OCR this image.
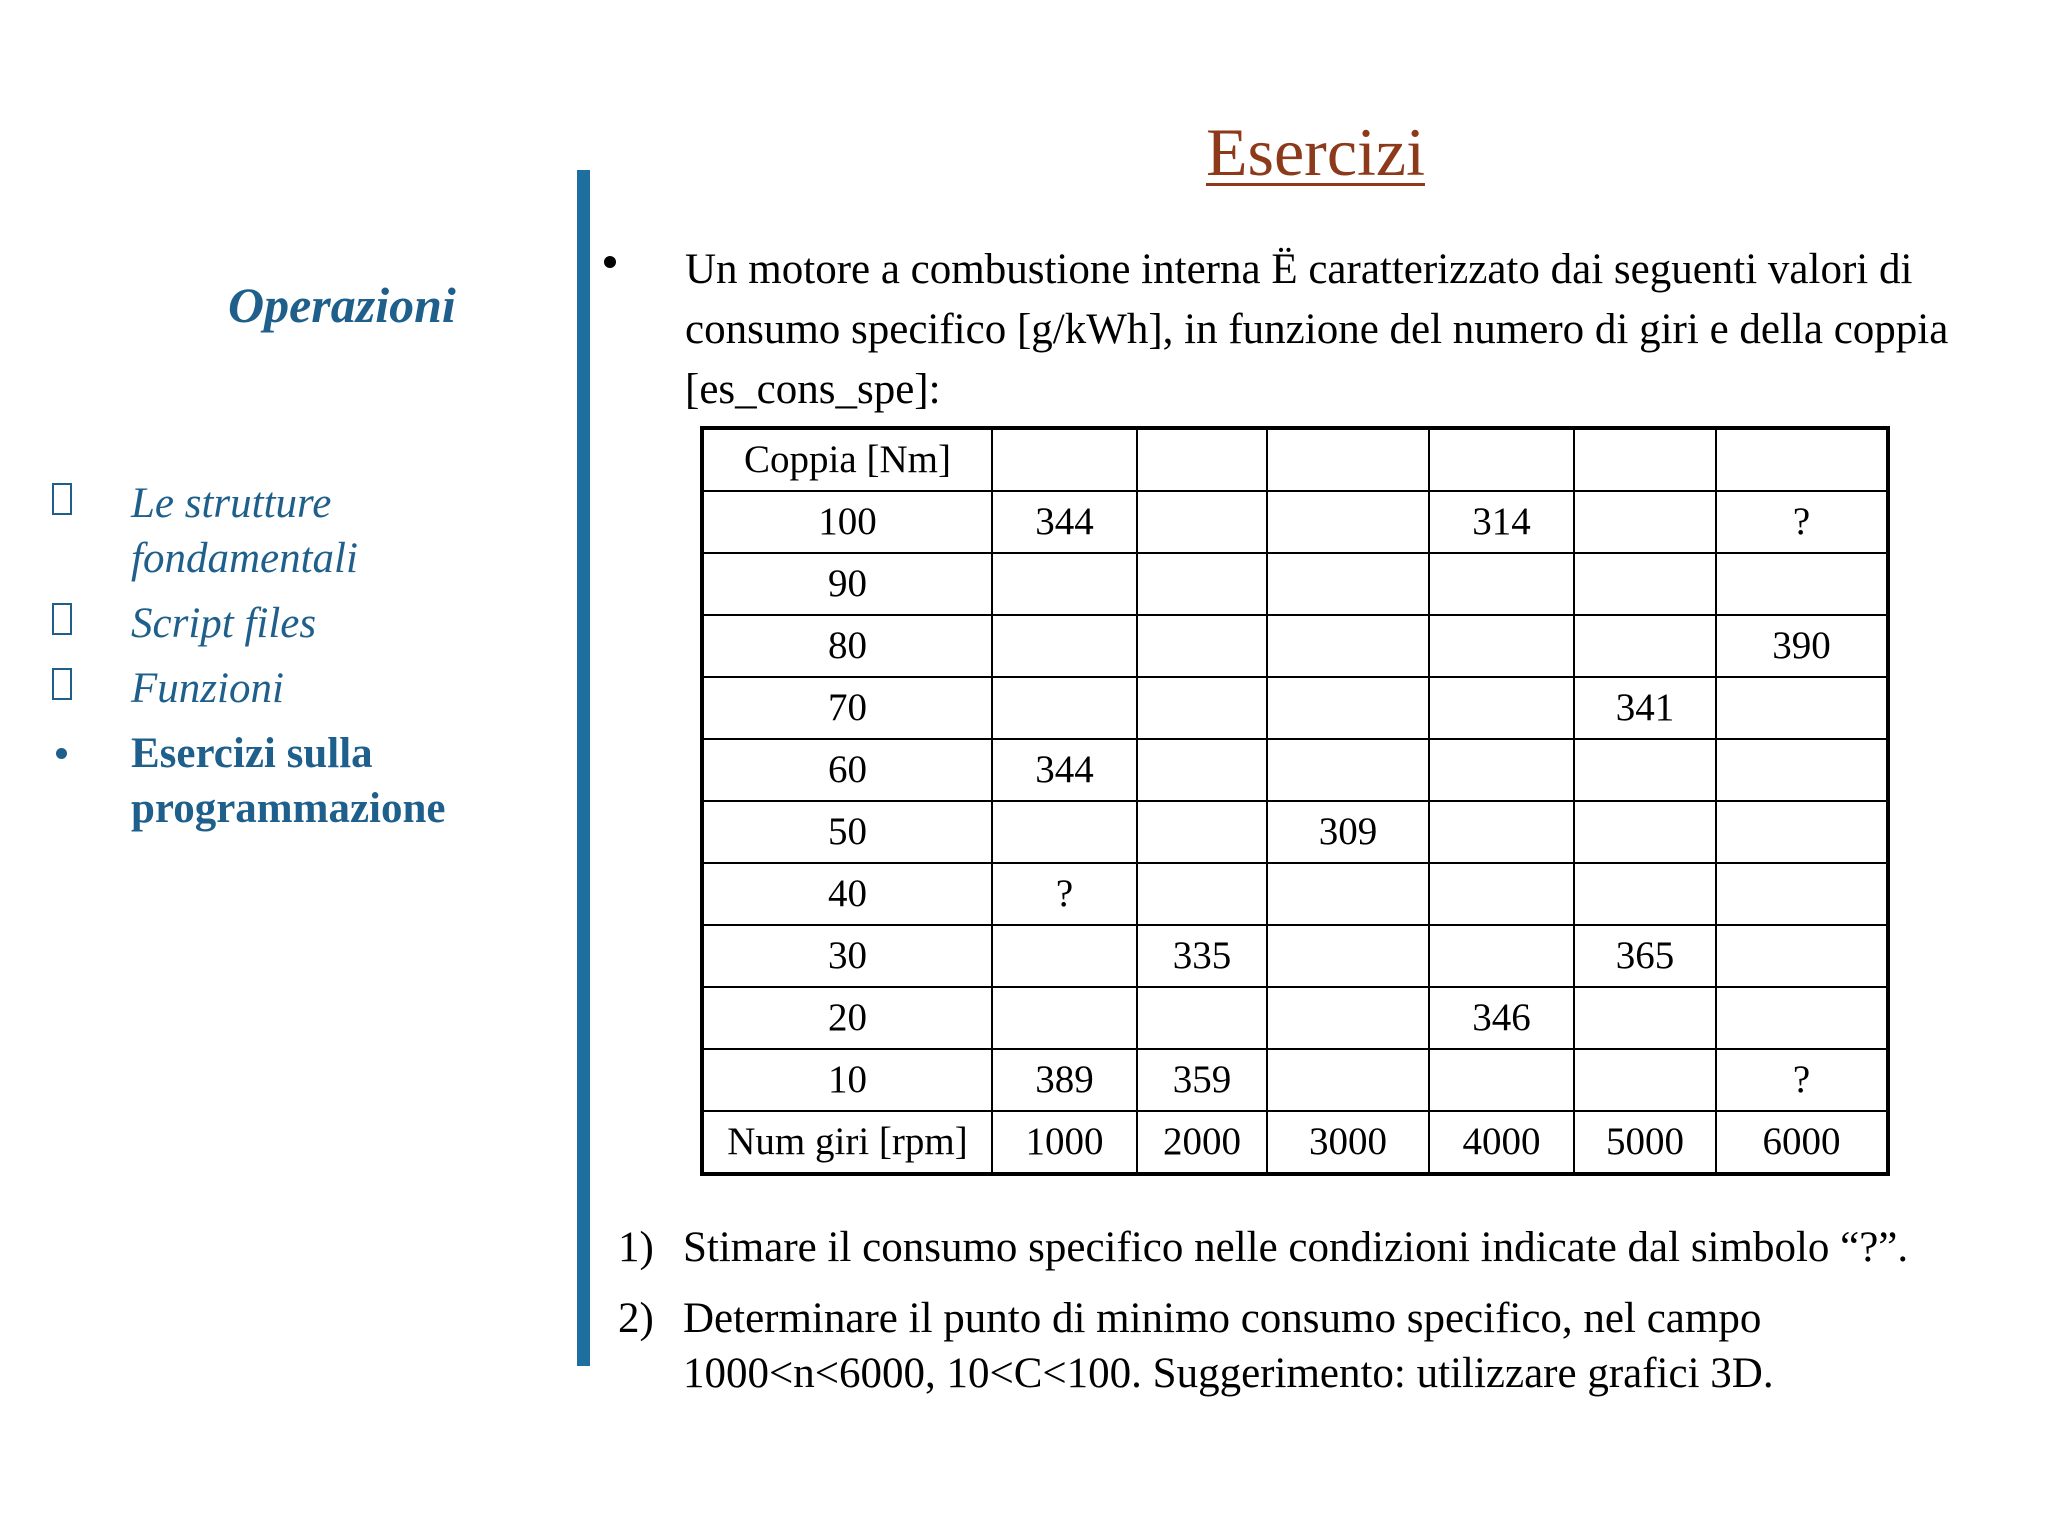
Esercizi
Operazioni
Le strutture fondamentali
Script files
Funzioni
Esercizi sulla programmazione

Un motore a combustione interna Ë caratterizzato dai seguenti valori di consumo specifico [g/kWh], in funzione del numero di giri e della coppia [es_cons_spe]:

Coppia [Nm]						
100	344			314		?
90						
80						390
70					341	
60	344					
50			309			
40	?					
30		335			365	
20				346		
10	389	359				?
Num giri [rpm]	1000	2000	3000	4000	5000	6000
1) Stimare il consumo specifico nelle condizioni indicate dal simbolo “?”.
2) Determinare il punto di minimo consumo specifico, nel campo 1000<n<6000, 10<C<100. Suggerimento: utilizzare grafici 3D.
